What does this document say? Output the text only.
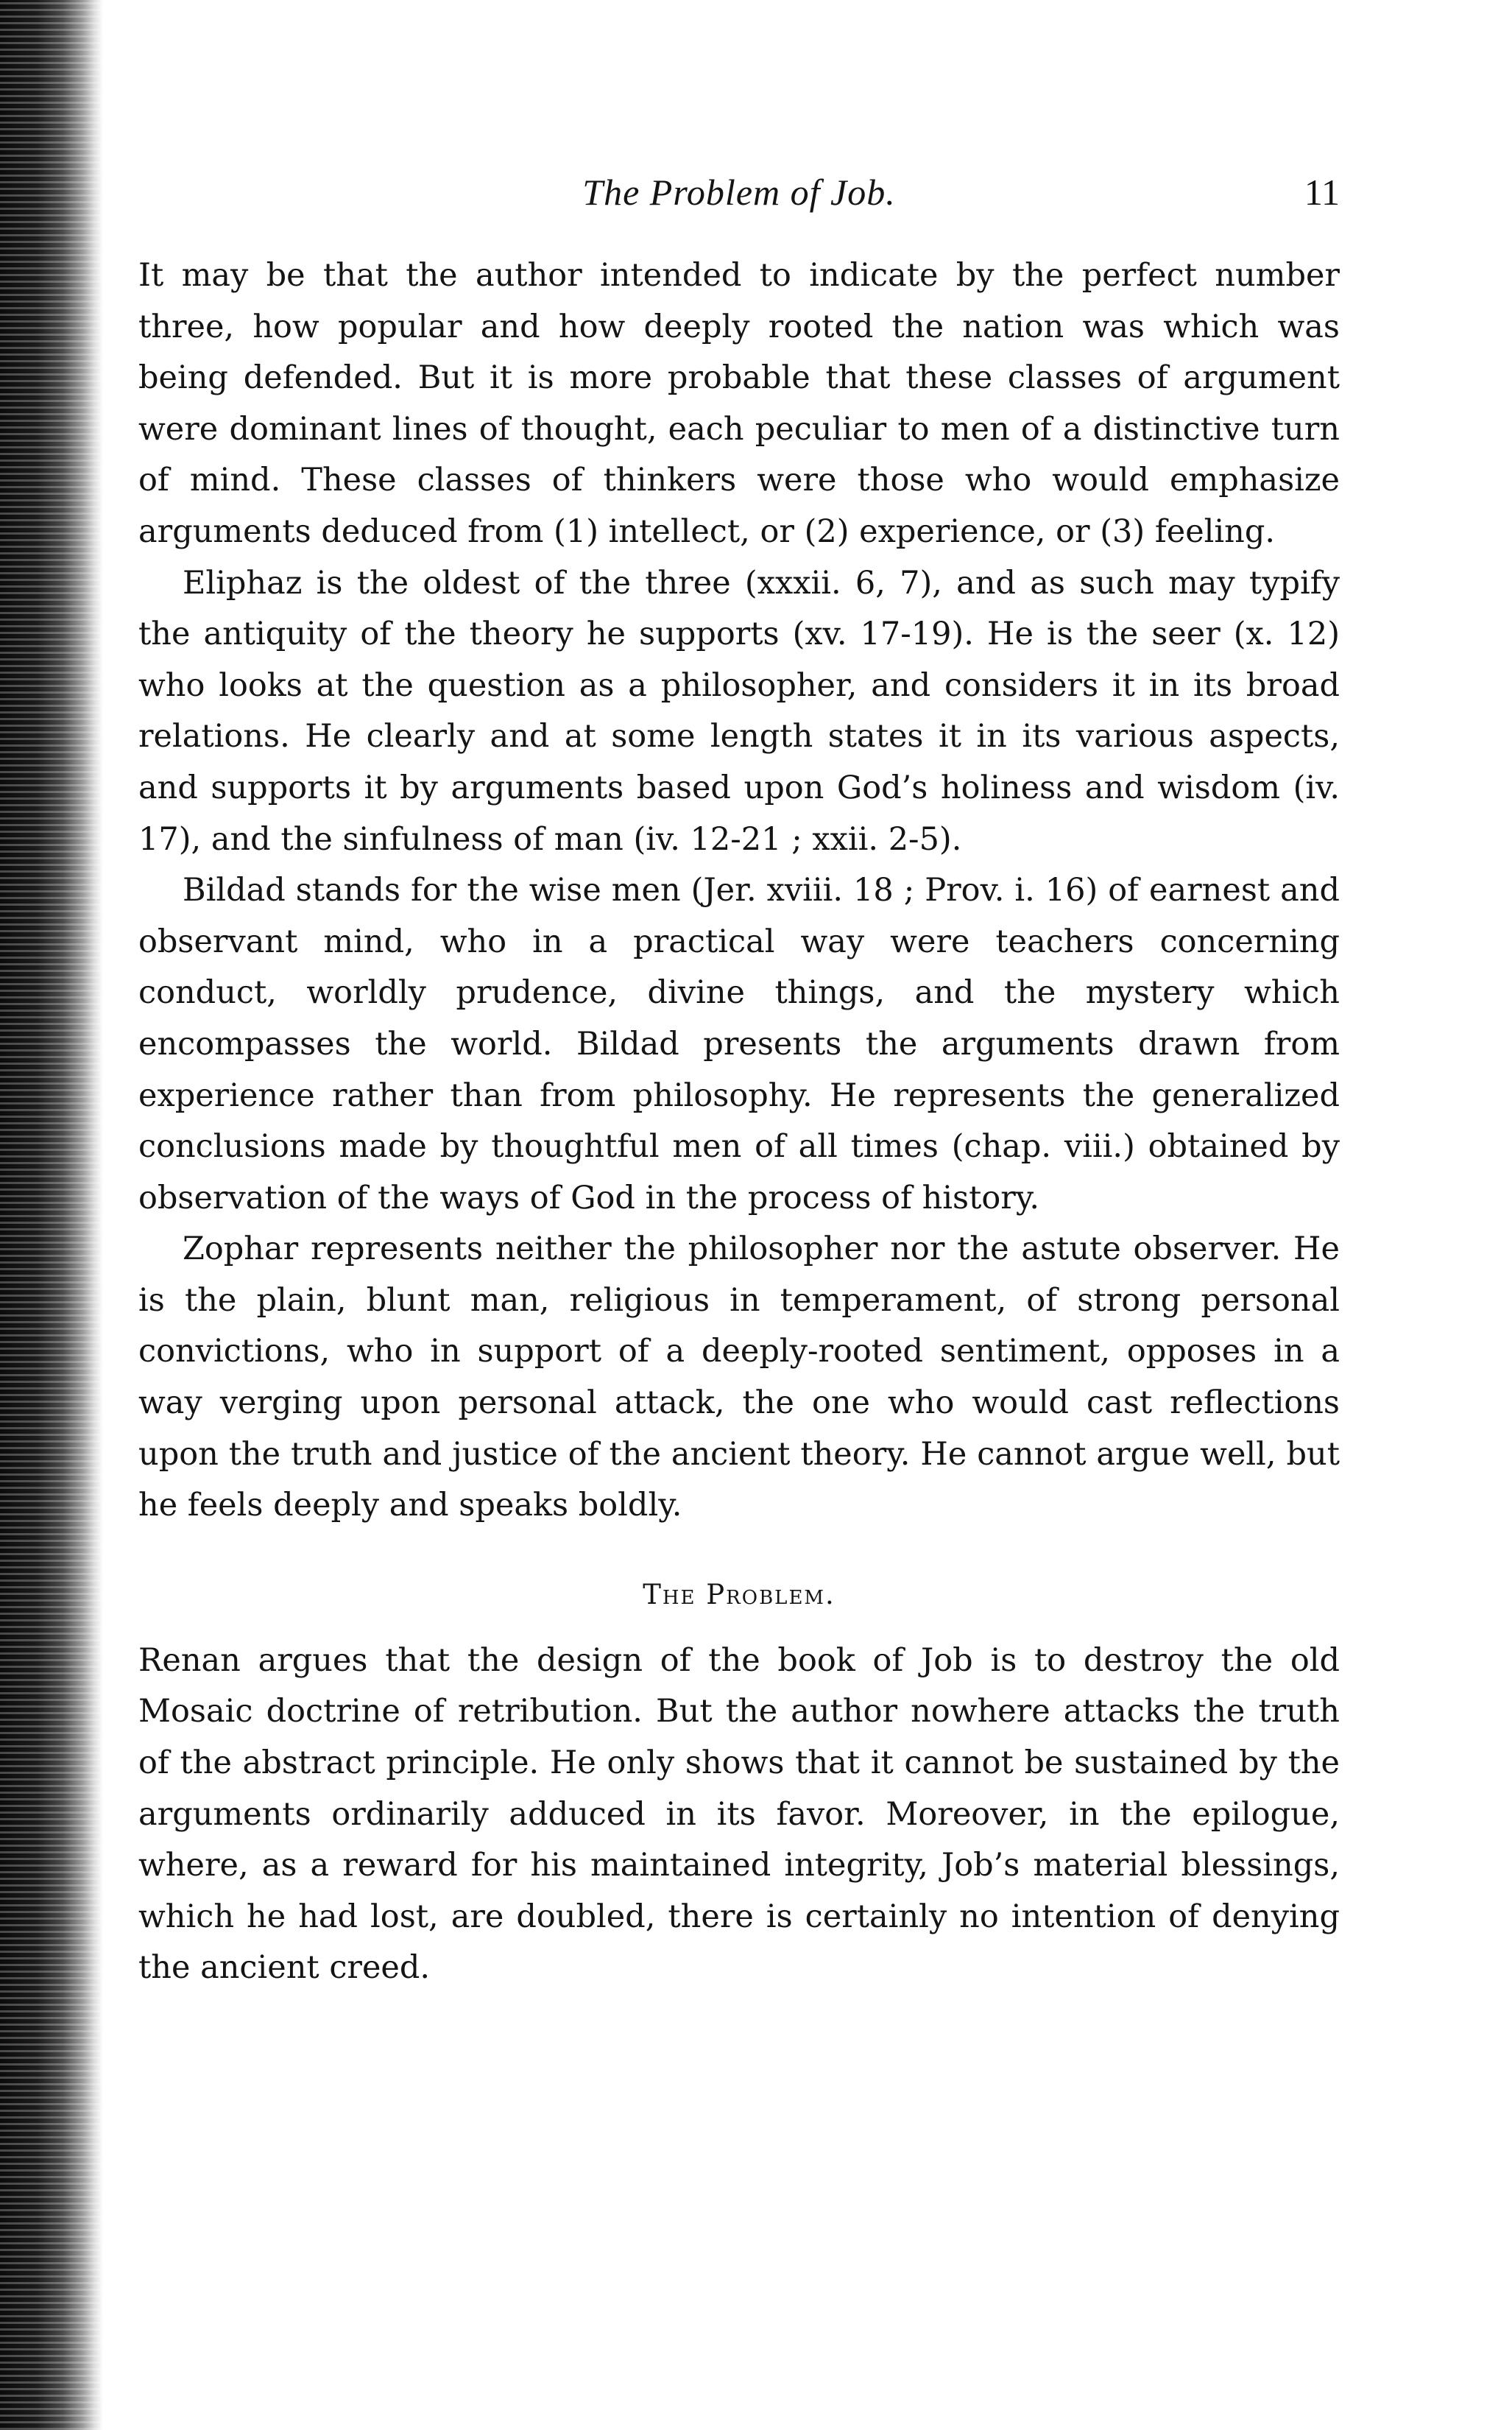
The Problem of Job.	11

It may be that the author intended to indicate by the perfect number three, how popular and how deeply rooted the nation was which was being defended. But it is more probable that these classes of argument were dominant lines of thought, each peculiar to men of a distinctive turn of mind. These classes of thinkers were those who would emphasize arguments deduced from (1) intellect, or (2) experience, or (3) feeling.

Eliphaz is the oldest of the three (xxxii. 6, 7), and as such may typify the antiquity of the theory he supports (xv. 17-19). He is the seer (x. 12) who looks at the question as a philosopher, and considers it in its broad relations. He clearly and at some length states it in its various aspects, and supports it by arguments based upon God’s holiness and wisdom (iv. 17), and the sinfulness of man (iv. 12-21 ; xxii. 2-5).

Bildad stands for the wise men (Jer. xviii. 18 ; Prov. i. 16) of earnest and observant mind, who in a practical way were teachers concerning conduct, worldly prudence, divine things, and the mystery which encompasses the world. Bildad presents the arguments drawn from experience rather than from philosophy. He represents the generalized conclusions made by thoughtful men of all times (chap. viii.) obtained by observation of the ways of God in the process of history.

Zophar represents neither the philosopher nor the astute observer. He is the plain, blunt man, religious in temperament, of strong personal convictions, who in support of a deeply-rooted sentiment, opposes in a way verging upon personal attack, the one who would cast reflections upon the truth and justice of the ancient theory. He cannot argue well, but he feels deeply and speaks boldly.

The Problem.

Renan argues that the design of the book of Job is to destroy the old Mosaic doctrine of retribution. But the author nowhere attacks the truth of the abstract principle. He only shows that it cannot be sustained by the arguments ordinarily adduced in its favor. Moreover, in the epilogue, where, as a reward for his maintained integrity, Job’s material blessings, which he had lost, are doubled, there is certainly no intention of denying the ancient creed.
